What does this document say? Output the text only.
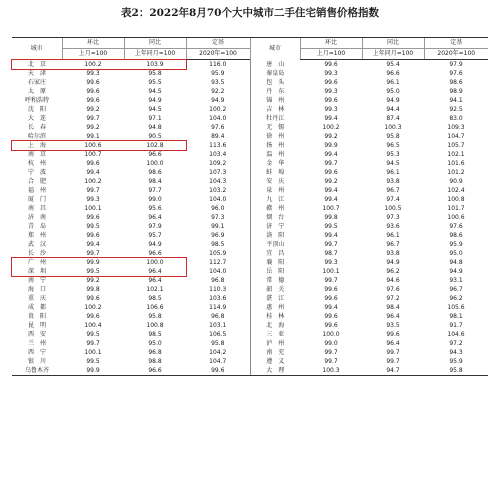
表2：2022年8月70个大中城市二手住宅销售价格指数
城市	环比	同比	定基	城市	环比	同比	定基
	上月=100	上年同月=100	2020年=100		上月=100	上年同月=100	2020年=100
北　京	100.2	103.9	116.0	唐　山	99.6	95.4	97.9
天　津	99.3	95.8	95.9	秦皇岛	99.3	96.6	97.6
石家庄	99.6	95.5	93.5	包　头	99.6	96.1	98.6
太　原	99.6	94.5	92.2	丹　东	99.3	95.0	98.9
呼和浩特	99.6	94.9	94.9	锦　州	99.6	94.9	94.1
沈　阳	99.2	94.5	100.2	吉　林	99.3	94.4	92.5
大　连	99.7	97.1	104.0	牡丹江	99.4	87.4	83.0
长　春	99.2	94.8	97.6	无　锡	100.2	100.3	109.3
哈尔滨	99.1	90.5	89.4	徐　州	99.2	95.8	104.7
上　海	100.6	102.8	113.6	扬　州	99.9	96.5	105.7
南　京	100.7	96.6	103.4	温　州	99.4	95.3	102.1
杭　州	99.6	100.0	109.2	金　华	99.7	94.5	101.6
宁　波	99.4	98.6	107.3	蚌　埠	99.6	96.1	101.2
合　肥	100.2	98.4	104.3	安　庆	99.2	93.8	90.9
福　州	99.7	97.7	103.2	泉　州	99.4	96.7	102.4
厦　门	99.3	99.0	104.0	九　江	99.4	97.4	100.8
南　昌	100.1	95.6	96.0	赣　州	100.7	100.5	101.7
济　南	99.6	96.4	97.3	烟　台	99.8	97.3	100.6
青　岛	99.5	97.9	99.1	济　宁	99.5	93.6	97.6
郑　州	99.6	95.7	96.9	洛　阳	99.4	96.1	98.6
武　汉	99.4	94.9	98.5	平顶山	99.7	96.7	95.9
长　沙	99.7	96.6	105.9	宜　昌	98.7	93.8	95.0
广　州	99.9	100.0	112.7	襄　阳	99.3	94.9	94.8
深　圳	99.5	96.4	104.0	岳　阳	100.1	96.2	94.9
南　宁	99.2	96.4	96.8	常　德	99.7	94.6	93.1
海　口	99.8	102.1	110.3	韶　关	99.6	97.6	96.7
重　庆	99.6	98.5	103.6	湛　江	99.6	97.2	96.2
成　都	100.2	106.6	114.9	惠　州	99.4	98.4	105.6
贵　阳	99.6	95.8	96.8	桂　林	99.6	96.4	98.1
昆　明	100.4	100.8	103.1	北　海	99.6	93.5	91.7
西　安	99.5	98.5	106.5	三　亚	100.0	99.6	104.6
兰　州	99.7	95.0	95.8	泸　州	99.0	96.4	97.2
西　宁	100.1	96.8	104.2	南　充	99.7	99.7	94.3
银　川	99.5	98.8	104.7	遵　义	99.7	99.7	95.9
乌鲁木齐	99.9	96.6	99.6	大　理	100.3	94.7	95.8
